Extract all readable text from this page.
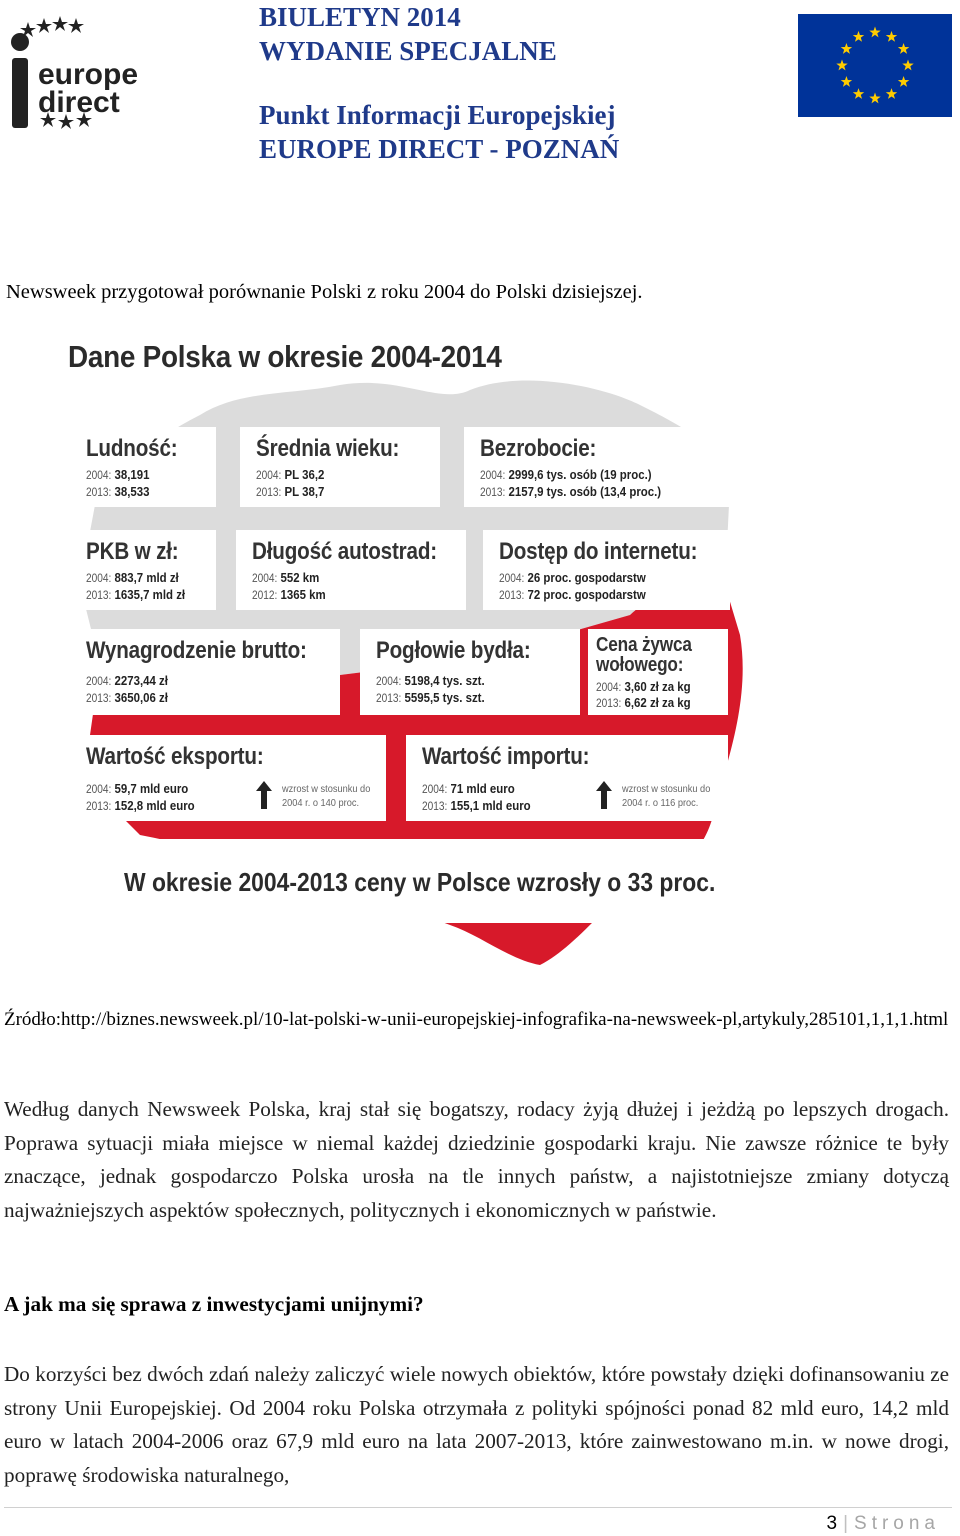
europe
direct
BIULETYN 2014
WYDANIE SPECJALNE
Punkt Informacji Europejskiej
EUROPE DIRECT - POZNAŃ
Newsweek przygotował porównanie Polski z roku 2004 do Polski dzisiejszej.
Dane Polska w okresie 2004-2014
Ludność:
2004: 38,191
2013: 38,533
Średnia wieku:
2004: PL 36,2
2013: PL 38,7
Bezrobocie:
2004: 2999,6 tys. osób (19 proc.)
2013: 2157,9 tys. osób (13,4 proc.)
PKB w zł:
2004: 883,7 mld zł
2013: 1635,7 mld zł
Długość autostrad:
2004: 552 km
2012: 1365 km
Dostęp do internetu:
2004: 26 proc. gospodarstw
2013: 72 proc. gospodarstw
Wynagrodzenie brutto:
2004: 2273,44 zł
2013: 3650,06 zł
Pogłowie bydła:
2004: 5198,4 tys. szt.
2013: 5595,5 tys. szt.
Cena żywca wołowego:
2004: 3,60 zł za kg
2013: 6,62 zł za kg
Wartość eksportu:
2004: 59,7 mld euro
2013: 152,8 mld euro
wzrost w stosunku do
2004 r. o 140 proc.
Wartość importu:
2004: 71 mld euro
2013: 155,1 mld euro
wzrost w stosunku do
2004 r. o 116 proc.
W okresie 2004-2013 ceny w Polsce wzrosły o 33 proc.
Źródło:http://biznes.newsweek.pl/10-lat-polski-w-unii-europejskiej-infografika-na-newsweek-pl,artykuly,285101,1,1,1.html
Według danych Newsweek Polska, kraj stał się bogatszy, rodacy żyją dłużej i jeżdżą po lepszych drogach. Poprawa sytuacji miała miejsce w niemal każdej dziedzinie gospodarki kraju. Nie zawsze różnice te były znaczące, jednak gospodarczo Polska urosła na tle innych państw, a najistotniejsze zmiany dotyczą najważniejszych aspektów społecznych, politycznych i ekonomicznych w państwie.
A jak ma się sprawa z inwestycjami unijnymi?
Do korzyści bez dwóch zdań należy zaliczyć wiele nowych obiektów, które powstały dzięki dofinansowaniu ze strony Unii Europejskiej. Od 2004 roku Polska otrzymała z polityki spójności ponad 82 mld euro, 14,2 mld euro w latach 2004-2006 oraz 67,9 mld euro na lata 2007-2013, które zainwestowano m.in. w nowe drogi, poprawę środowiska naturalnego,
3 | Strona
